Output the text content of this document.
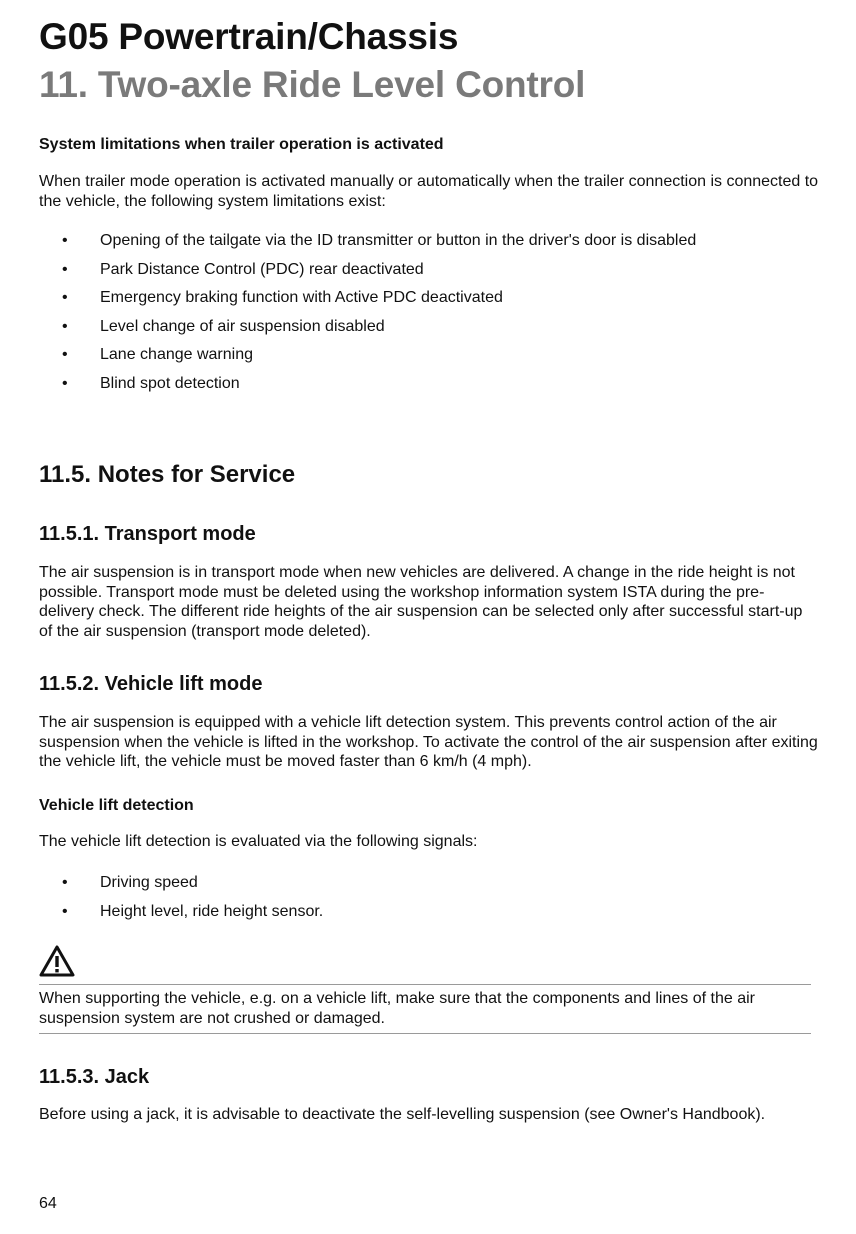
G05 Powertrain/Chassis
11. Two-axle Ride Level Control
System limitations when trailer operation is activated

When trailer mode operation is activated manually or automatically when the trailer connection is connected to the vehicle, the following system limitations exist:

• Opening of the tailgate via the ID transmitter or button in the driver's door is disabled
• Park Distance Control (PDC) rear deactivated
• Emergency braking function with Active PDC deactivated
• Level change of air suspension disabled
• Lane change warning
• Blind spot detection
11.5. Notes for Service
11.5.1. Transport mode

The air suspension is in transport mode when new vehicles are delivered. A change in the ride height is not possible. Transport mode must be deleted using the workshop information system ISTA during the pre-delivery check. The different ride heights of the air suspension can be selected only after successful start-up of the air suspension (transport mode deleted).

11.5.2. Vehicle lift mode

The air suspension is equipped with a vehicle lift detection system. This prevents control action of the air suspension when the vehicle is lifted in the workshop. To activate the control of the air suspension after exiting the vehicle lift, the vehicle must be moved faster than 6 km/h (4 mph).

Vehicle lift detection

The vehicle lift detection is evaluated via the following signals:

• Driving speed
• Height level, ride height sensor.

When supporting the vehicle, e.g. on a vehicle lift, make sure that the components and lines of the air suspension system are not crushed or damaged.

11.5.3. Jack

Before using a jack, it is advisable to deactivate the self-levelling suspension (see Owner's Handbook).

64
